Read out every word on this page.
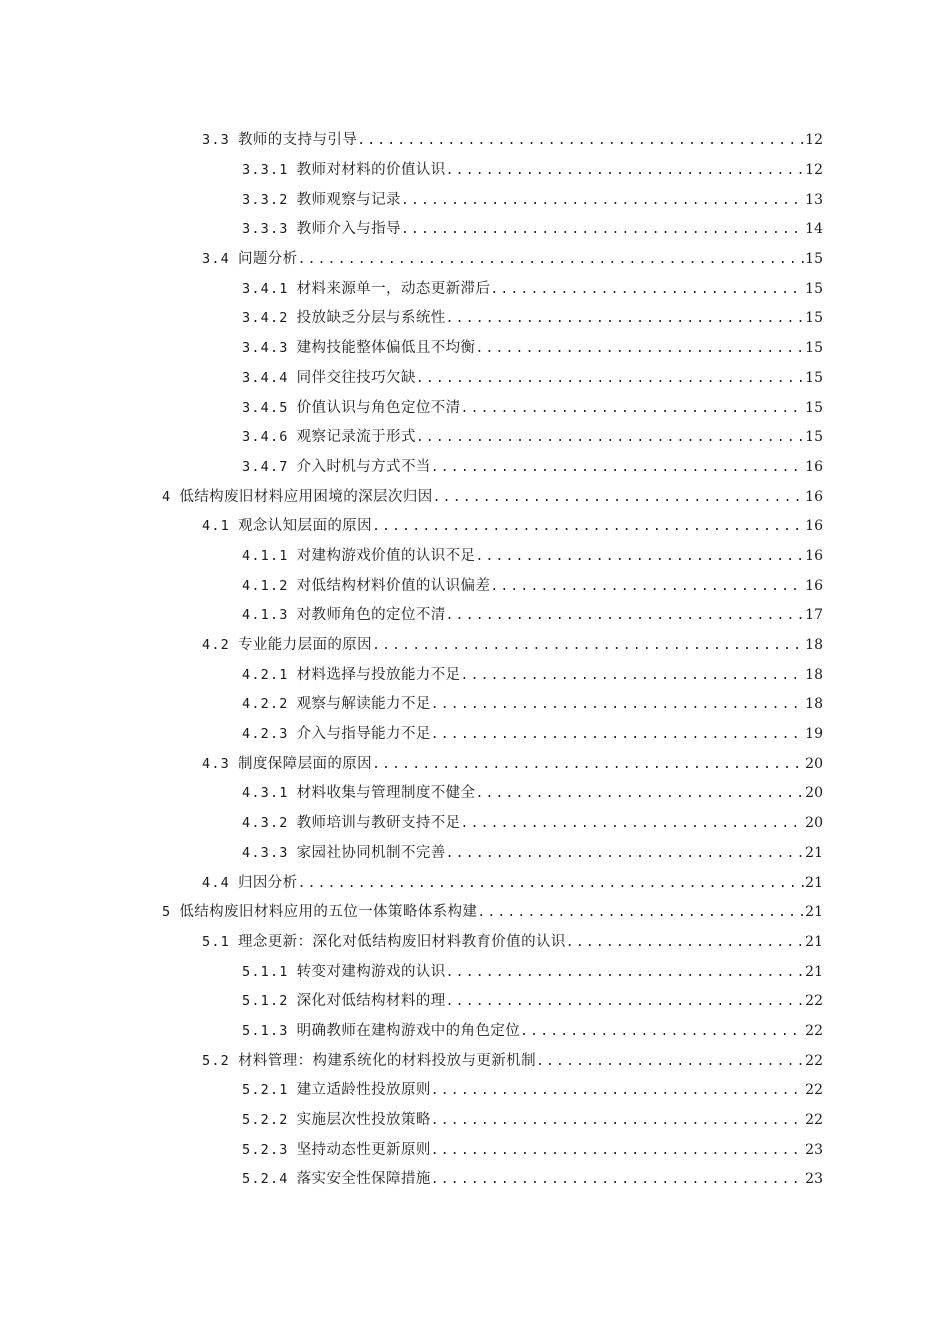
3.3 教师的支持与引导 .....	12
3.3.1 教师对材料的价值认识 .....	12
3.3.2 教师观察与记录 .....	13
3.3.3 教师介入与指导 .....	14
3.4 问题分析 .....	15
3.4.1 材料来源单一，动态更新滞后 .....	15
3.4.2 投放缺乏分层与系统性 .....	15
3.4.3 建构技能整体偏低且不均衡 .....	15
3.4.4 同伴交往技巧欠缺 .....	15
3.4.5 价值认识与角色定位不清 .....	15
3.4.6 观察记录流于形式 .....	15
3.4.7 介入时机与方式不当 .....	16
4 低结构废旧材料应用困境的深层次归因 .....	16
4.1 观念认知层面的原因 .....	16
4.1.1 对建构游戏价值的认识不足 .....	16
4.1.2 对低结构材料价值的认识偏差 .....	16
4.1.3 对教师角色的定位不清 .....	17
4.2 专业能力层面的原因 .....	18
4.2.1 材料选择与投放能力不足 .....	18
4.2.2 观察与解读能力不足 .....	18
4.2.3 介入与指导能力不足 .....	19
4.3 制度保障层面的原因 .....	20
4.3.1 材料收集与管理制度不健全 .....	20
4.3.2 教师培训与教研支持不足 .....	20
4.3.3 家园社协同机制不完善 .....	21
4.4 归因分析 .....	21
5 低结构废旧材料应用的五位一体策略体系构建 .....	21
5.1 理念更新：深化对低结构废旧材料教育价值的认识 .....	21
5.1.1 转变对建构游戏的认识 .....	21
5.1.2 深化对低结构材料的理 .....	22
5.1.3 明确教师在建构游戏中的角色定位 .....	22
5.2 材料管理：构建系统化的材料投放与更新机制 .....	22
5.2.1 建立适龄性投放原则 .....	22
5.2.2 实施层次性投放策略 .....	22
5.2.3 坚持动态性更新原则 .....	23
5.2.4 落实安全性保障措施 .....	23
